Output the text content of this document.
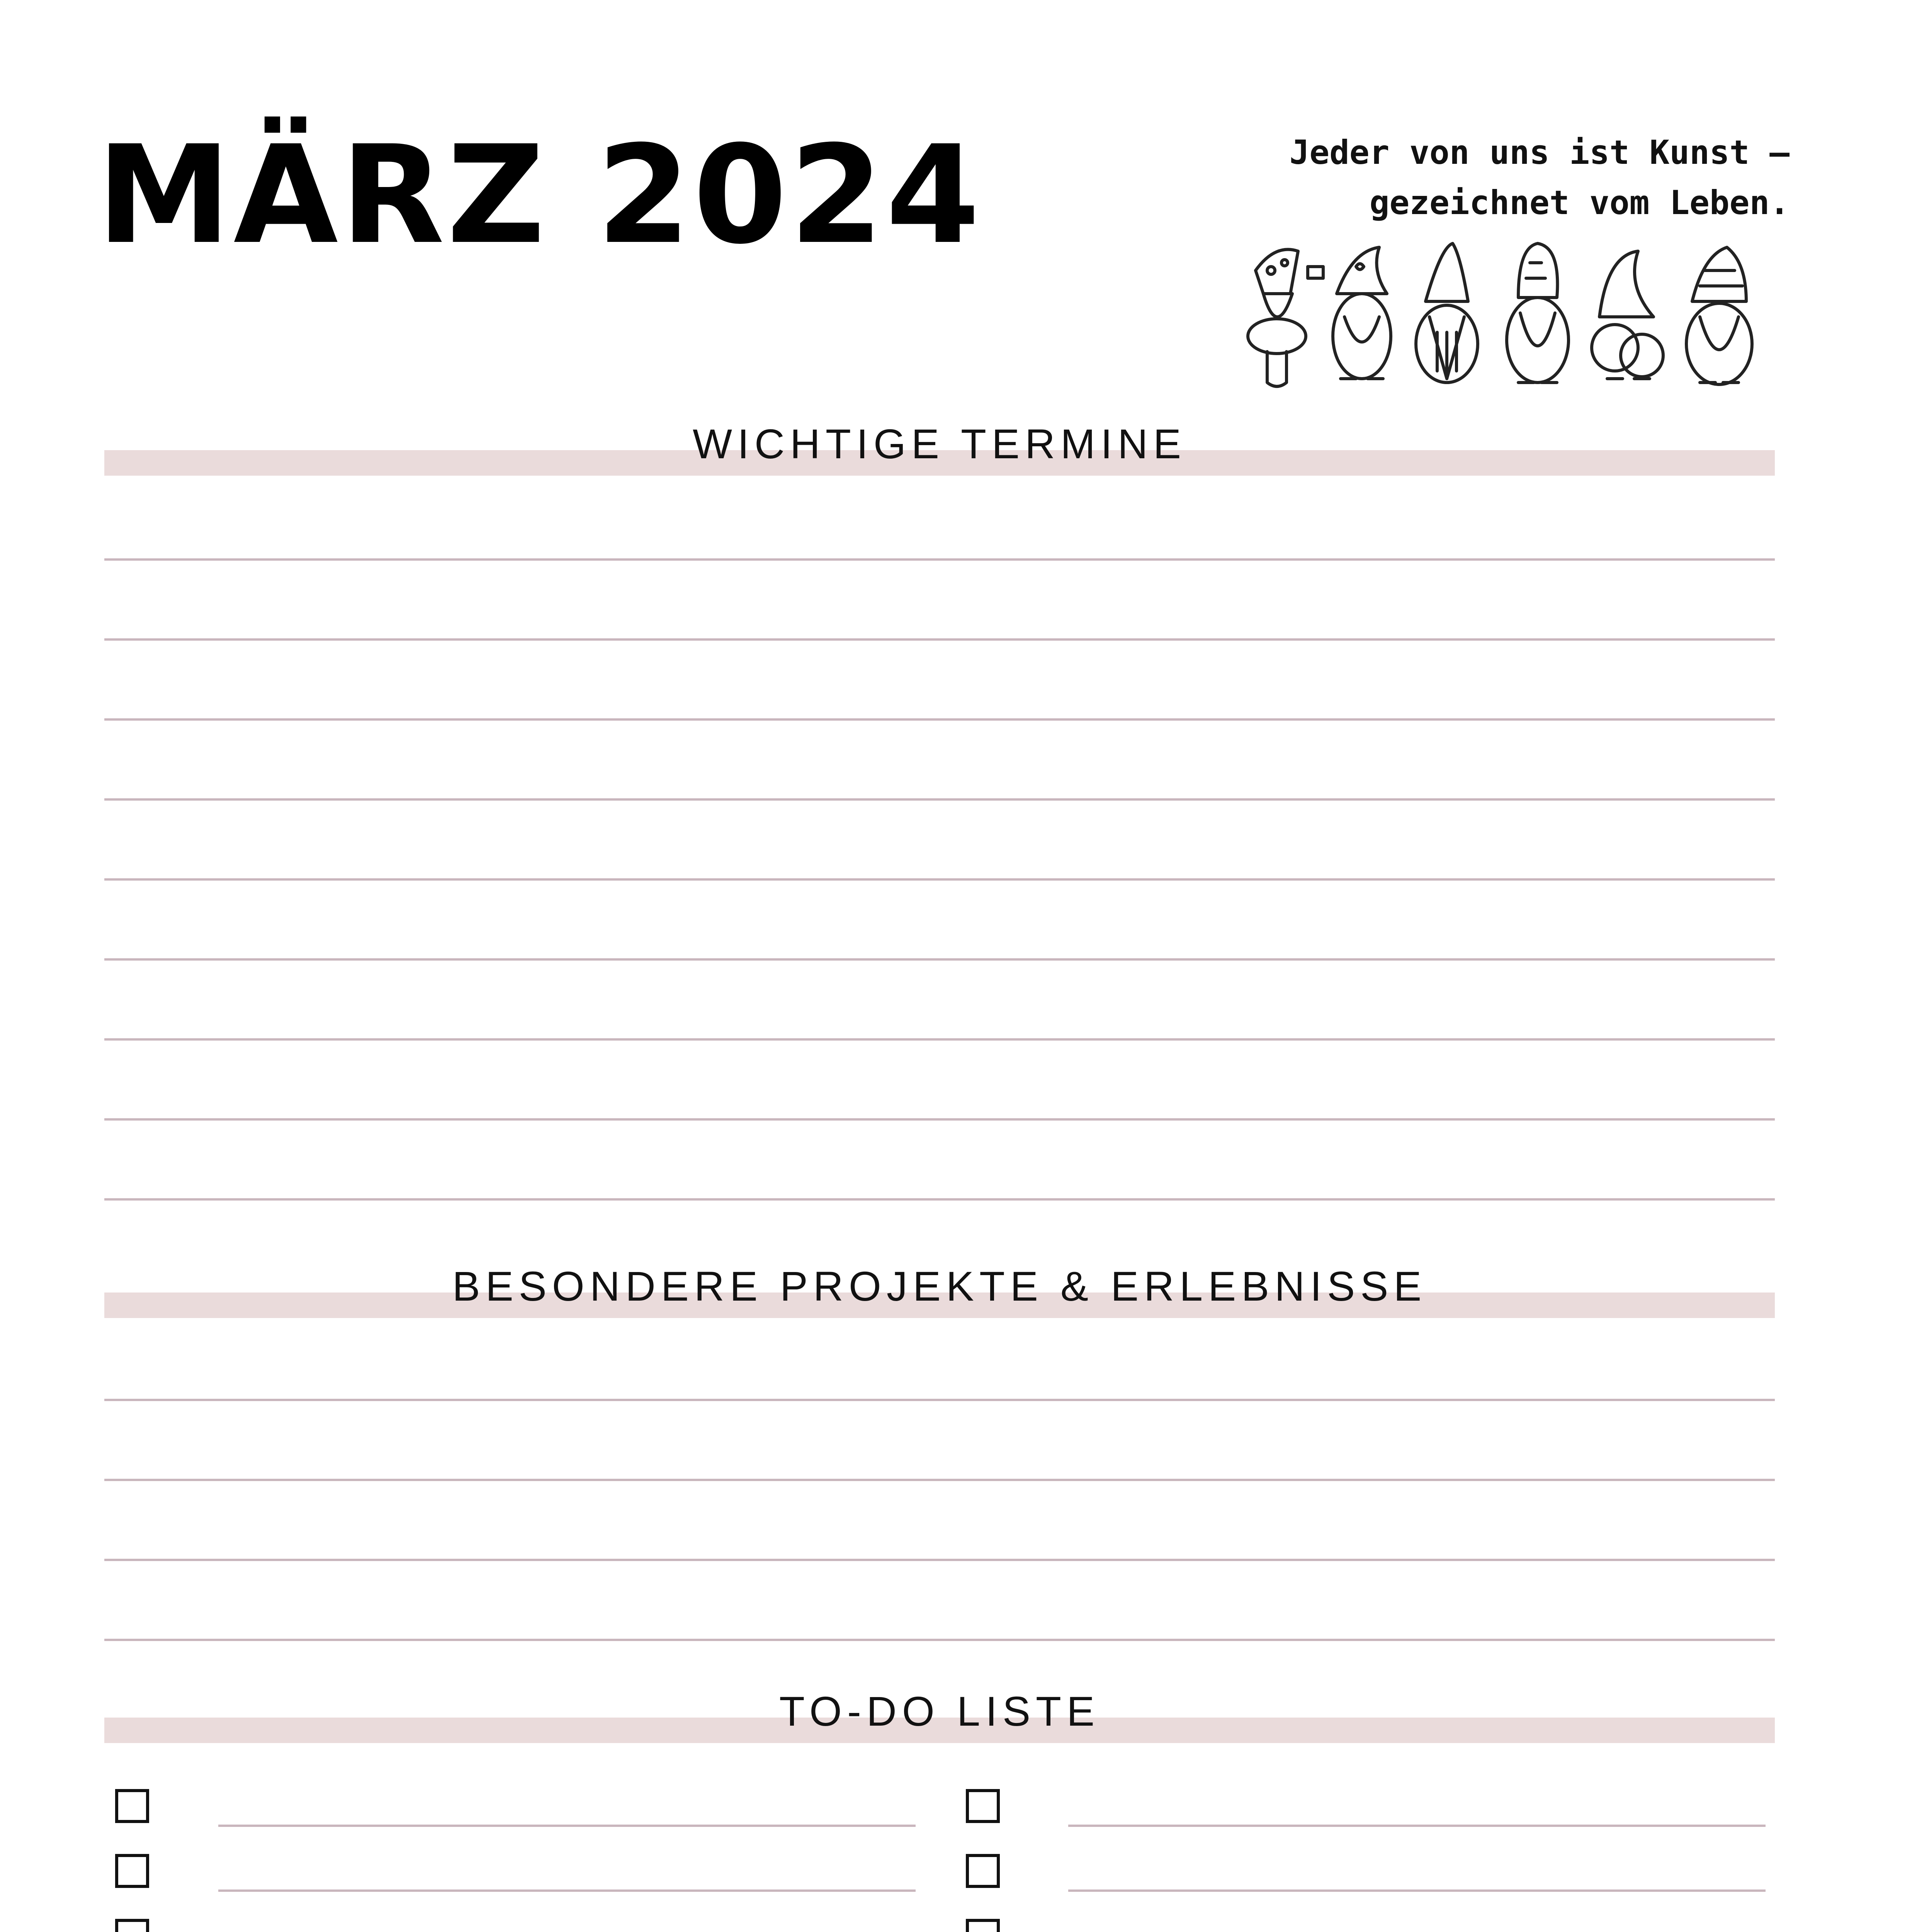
MÄRZ 2024	Jeder von uns ist Kunst –
gezeichnet vom Leben.
WICHTIGE TERMINE
BESONDERE PROJEKTE & ERLEBNISSE
TO-DO LISTE
